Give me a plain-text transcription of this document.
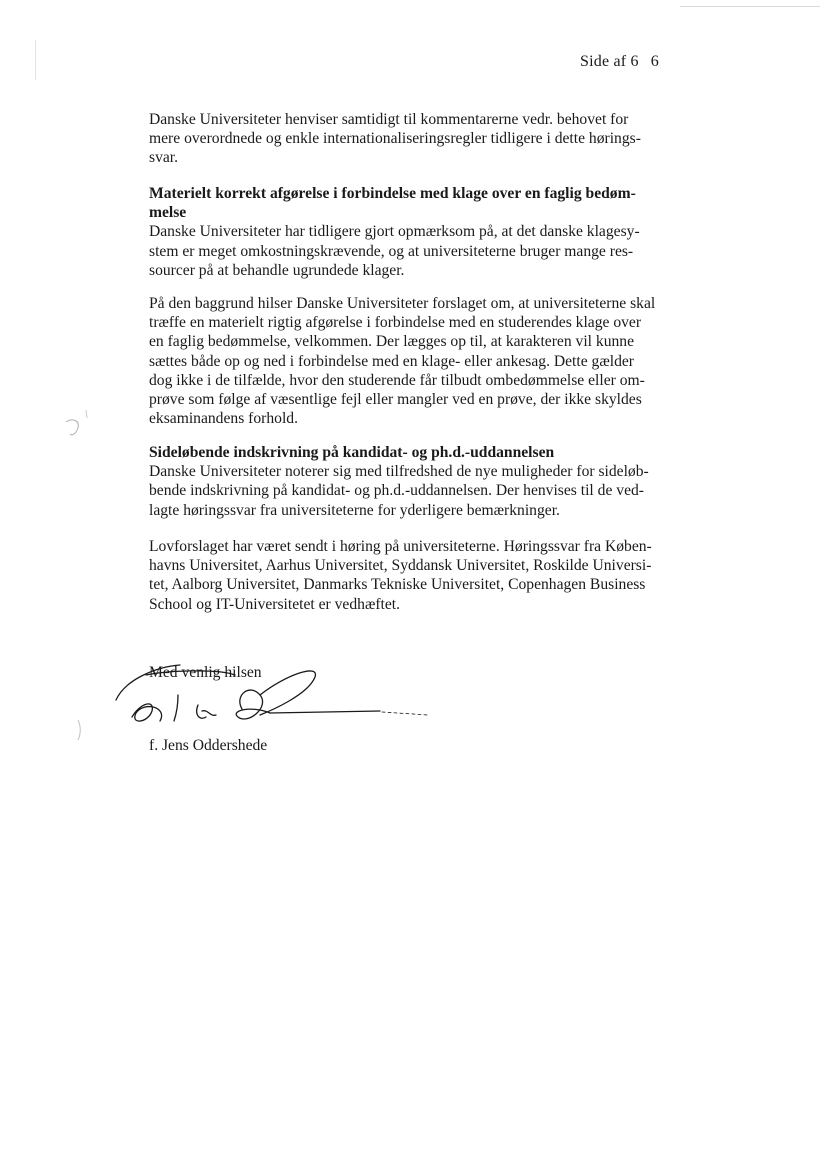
Side af 6 6
Danske Universiteter henviser samtidigt til kommentarerne vedr. behovet for
mere overordnede og enkle internationaliseringsregler tidligere i dette hørings-
svar.
Materielt korrekt afgørelse i forbindelse med klage over en faglig bedøm-
melse
Danske Universiteter har tidligere gjort opmærksom på, at det danske klagesy-
stem er meget omkostningskrævende, og at universiteterne bruger mange res-
sourcer på at behandle ugrundede klager.
På den baggrund hilser Danske Universiteter forslaget om, at universiteterne skal
træffe en materielt rigtig afgørelse i forbindelse med en studerendes klage over
en faglig bedømmelse, velkommen. Der lægges op til, at karakteren vil kunne
sættes både op og ned i forbindelse med en klage- eller ankesag. Dette gælder
dog ikke i de tilfælde, hvor den studerende får tilbudt ombedømmelse eller om-
prøve som følge af væsentlige fejl eller mangler ved en prøve, der ikke skyldes
eksaminandens forhold.
Sideløbende indskrivning på kandidat- og ph.d.-uddannelsen
Danske Universiteter noterer sig med tilfredshed de nye muligheder for sideløb-
bende indskrivning på kandidat- og ph.d.-uddannelsen. Der henvises til de ved-
lagte høringssvar fra universiteterne for yderligere bemærkninger.
Lovforslaget har været sendt i høring på universiteterne. Høringssvar fra Køben-
havns Universitet, Aarhus Universitet, Syddansk Universitet, Roskilde Universi-
tet, Aalborg Universitet, Danmarks Tekniske Universitet, Copenhagen Business
School og IT-Universitetet er vedhæftet.
Med venlig hilsen
f. Jens Oddershede
